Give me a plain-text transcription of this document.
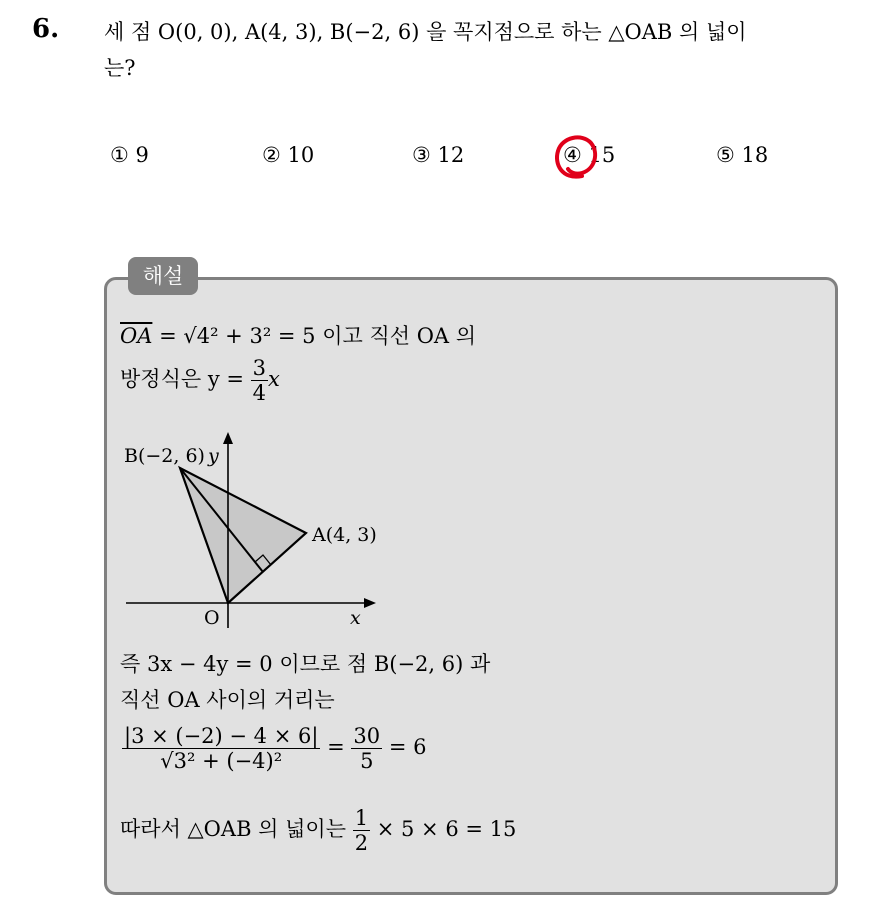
6. 세 점 O(0, 0), A(4, 3), B(−2, 6) 을 꼭지점으로 하는 △OAB 의 넓이
는?
① 9	② 10	③ 12	④ 15	⑤ 18
해설
$\overline{OA} = √4^2 + 3^2 = 5$ 이고 직선 OA 의
방정식은 $y = \frac{3}{4}$ x
B(−2, 6) y
A(4, 3)
O	x
즉 3x − 4y = 0 이므로 점 B(−2, 6) 과
직선 OA 사이의 거리는
$\frac{|3 \times (-2) - 4 \times 6|}{\text{√3² + (−4)²}} = \frac{30}{5} = 6$
따라서 △OAB 의 넓이는 $\frac{1}{2} \times 5 \times 6 = 15$
